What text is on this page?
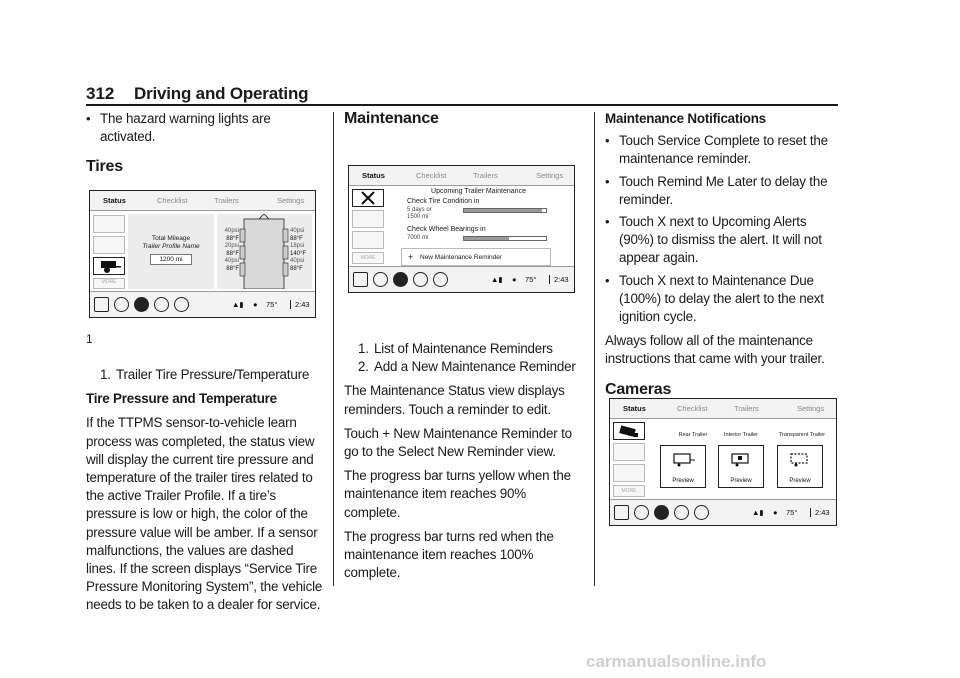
312 Driving and Operating
• The hazard warning lights are activated.
Tires
Status	Checklist	Trailers	Settings
MORE
Total Mileage
Trailer Profile Name
1200 mi
40psi
88°F
20psi
88°F
40psi
88°F
40psi
88°F
18psi
140°F
40psi
88°F
▲▮ ● 75°	2:43
1
1. Trailer Tire Pressure/Temperature
Tire Pressure and Temperature
If the TTPMS sensor-to-vehicle learn process was completed, the status view will display the current tire pressure and temperature of the trailer tires related to the active Trailer Profile. If a tire’s pressure is low or high, the color of the pressure value will be amber. If a sensor malfunctions, the values are dashed lines. If the screen displays “Service Tire Pressure Monitoring System”, the vehicle needs to be taken to a dealer for service.
Maintenance
Status	Checklist	Trailers	Settings
MORE
Upcoming Trailer Maintenance
Check Tire Condition in
5 days or
1500 mi
Check Wheel Bearings in
7000 mi
+ New Maintenance Reminder
▲▮ ● 75°	2:43
1. List of Maintenance Reminders
2. Add a New Maintenance Reminder
The Maintenance Status view displays reminders. Touch a reminder to edit.
Touch + New Maintenance Reminder to go to the Select New Reminder view.
The progress bar turns yellow when the maintenance item reaches 90% complete.
The progress bar turns red when the maintenance item reaches 100% complete.
Maintenance Notifications
• Touch Service Complete to reset the maintenance reminder.
• Touch Remind Me Later to delay the reminder.
• Touch X next to Upcoming Alerts (90%) to dismiss the alert. It will not appear again.
• Touch X next to Maintenance Due (100%) to delay the alert to the next ignition cycle.
Always follow all of the maintenance instructions that came with your trailer.
Cameras
Status	Checklist	Trailers	Settings
MORE
Rear Trailer
Preview
Interior Trailer
Preview
Transparent Trailer
Preview
▲▮ ● 75°	2:43
carmanualsonline.info
